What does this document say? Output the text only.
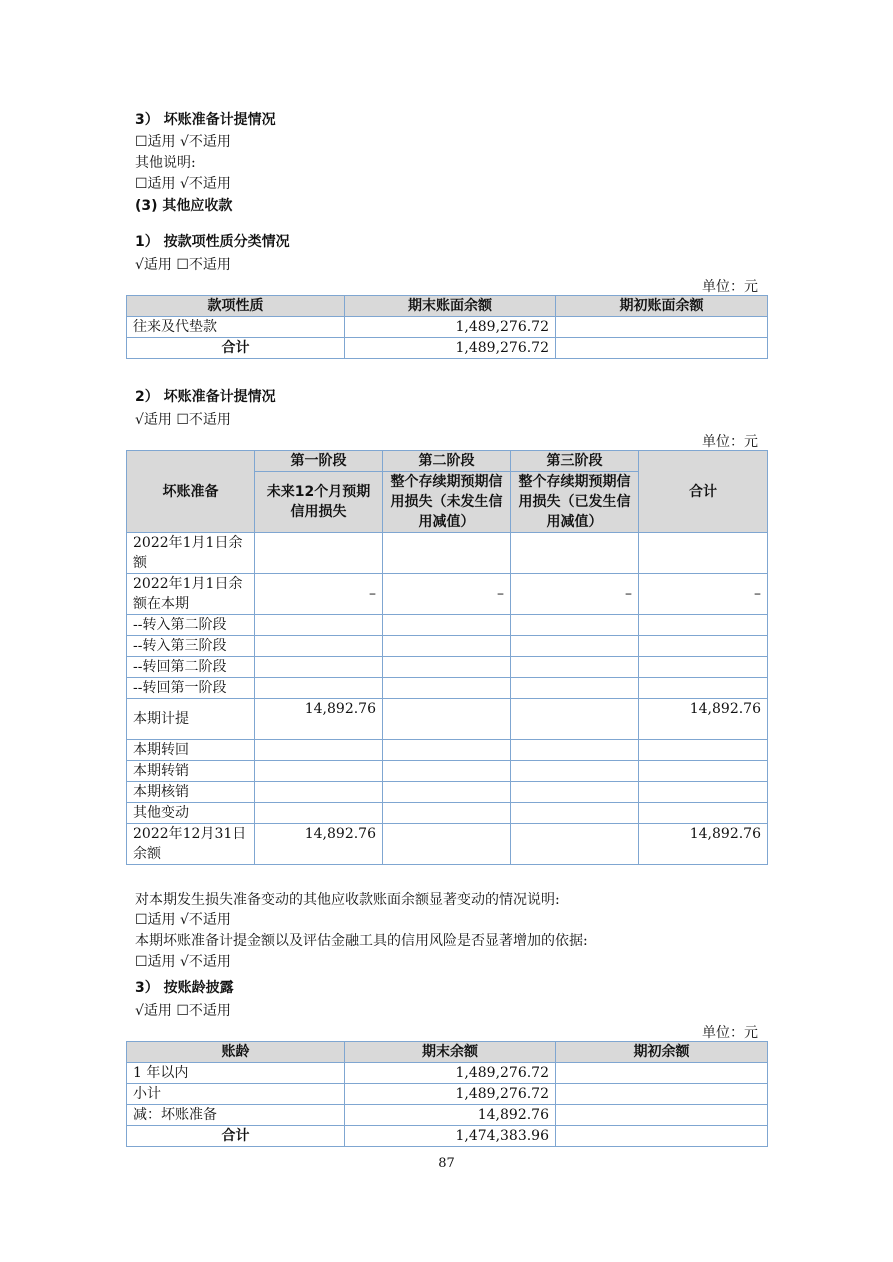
3） 坏账准备计提情况
☐适用 √不适用
其他说明:
☐适用 √不适用
(3) 其他应收款
1） 按款项性质分类情况
√适用 ☐不适用
单位：元
款项性质	期末账面余额	期初账面余额
往来及代垫款	1,489,276.72	
合计	1,489,276.72	
2） 坏账准备计提情况
√适用 ☐不适用
单位：元
坏账准备	第一阶段	第二阶段	第三阶段	合计
	未来12个月预期信用损失	整个存续期预期信用损失（未发生信用减值）	整个存续期预期信用损失（已发生信用减值）	
2022年1月1日余额				
2022年1月1日余额在本期	–	–	–	–
--转入第二阶段				
--转入第三阶段				
--转回第二阶段				
--转回第一阶段				
本期计提	14,892.76			14,892.76
本期转回				
本期转销				
本期核销				
其他变动				
2022年12月31日余额	14,892.76			14,892.76
对本期发生损失准备变动的其他应收款账面余额显著变动的情况说明:
☐适用 √不适用
本期坏账准备计提金额以及评估金融工具的信用风险是否显著增加的依据:
☐适用 √不适用
3） 按账龄披露
√适用 ☐不适用
单位：元
账龄	期末余额	期初余额
1 年以内	1,489,276.72	
小计	1,489,276.72	
减：坏账准备	14,892.76	
合计	1,474,383.96	
87
